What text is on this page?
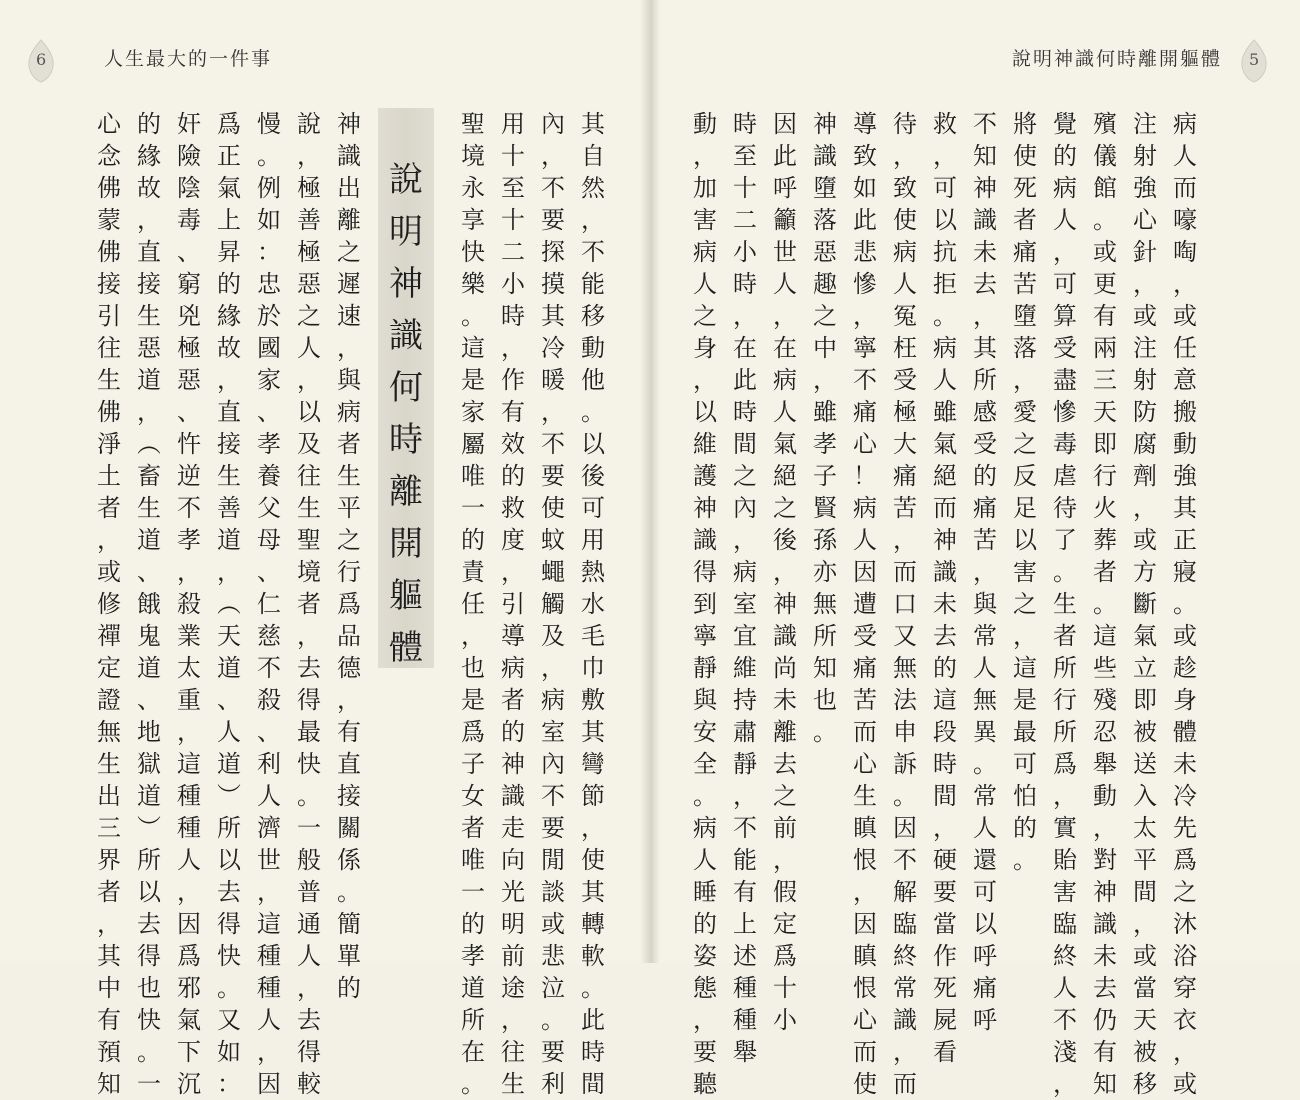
6	人生最大的一件事
其
自
然
，
不
能
移
動
他
。
以
後
可
用
熱
水
毛
巾
敷
其
彎
節
，
使
其
轉
軟
。
此
時
間
內
，
不
要
探
摸
其
冷
暖
，
不
要
使
蚊
蠅
觸
及
，
病
室
內
不
要
閒
談
或
悲
泣
。
要
利
用
十
至
十
二
小
時
，
作
有
效
的
救
度
，
引
導
病
者
的
神
識
走
向
光
明
前
途
，
往
生
聖
境
永
享
快
樂
。
這
是
家
屬
唯
一
的
責
任
，
也
是
爲
子
女
者
唯
一
的
孝
道
所
在
。
說
明
神
識
何
時
離
開
軀
體
神
識
出
離
之
遲
速
，
與
病
者
生
平
之
行
爲
品
德
，
有
直
接
關
係
。
簡
單
的
說
，
極
善
極
惡
之
人
，
以
及
往
生
聖
境
者
，
去
得
最
快
。
一
般
普
通
人
，
去
得
較
慢
。
例
如
：
忠
於
國
家
、
孝
養
父
母
、
仁
慈
不
殺
、
利
人
濟
世
，
這
種
種
人
，
因
爲
正
氣
上
昇
的
緣
故
，
直
接
生
善
道
，
︵
天
道
、
人
道
︶
所
以
去
得
快
。
又
如
：
奸
險
陰
毒
、
窮
兇
極
惡
、
忤
逆
不
孝
，
殺
業
太
重
，
這
種
種
人
，
因
爲
邪
氣
下
沉
的
緣
故
，
直
接
生
惡
道
，
︵
畜
生
道
、
餓
鬼
道
、
地
獄
道
︶
所
以
去
得
也
快
。
一
心
念
佛
蒙
佛
接
引
往
生
佛
淨
土
者
，
或
修
禪
定
證
無
生
出
三
界
者
，
其
中
有
預
知
說明神識何時離開軀體 5
病
人
而
嚎
啕
，
或
任
意
搬
動
強
其
正
寢
。
或
趁
身
體
未
冷
先
爲
之
沐
浴
穿
衣
，
或
注
射
強
心
針
，
或
注
射
防
腐
劑
，
或
方
斷
氣
立
即
被
送
入
太
平
間
，
或
當
天
被
移
殯
儀
館
。
或
更
有
兩
三
天
即
行
火
葬
者
。
這
些
殘
忍
舉
動
，
對
神
識
未
去
仍
有
知
覺
的
病
人
，
可
算
受
盡
慘
毒
虐
待
了
。
生
者
所
行
所
爲
，
實
貽
害
臨
終
人
不
淺
，
將
使
死
者
痛
苦
墮
落
，
愛
之
反
足
以
害
之
，
這
是
最
可
怕
的
。
不
知
神
識
未
去
，
其
所
感
受
的
痛
苦
，
與
常
人
無
異
。
常
人
還
可
以
呼
痛
呼
救
，
可
以
抗
拒
。
病
人
雖
氣
絕
而
神
識
未
去
的
這
段
時
間
，
硬
要
當
作
死
屍
看
待
，
致
使
病
人
冤
枉
受
極
大
痛
苦
，
而
口
又
無
法
申
訴
。
因
不
解
臨
終
常
識
，
而
導
致
如
此
悲
慘
，
寧
不
痛
心
！
病
人
因
遭
受
痛
苦
而
心
生
瞋
恨
，
因
瞋
恨
心
而
使
神
識
墮
落
惡
趣
之
中
，
雖
孝
子
賢
孫
亦
無
所
知
也
。
因
此
呼
籲
世
人
，
在
病
人
氣
絕
之
後
，
神
識
尚
未
離
去
之
前
，
假
定
爲
十
小
時
至
十
二
小
時
，
在
此
時
間
之
內
，
病
室
宜
維
持
肅
靜
，
不
能
有
上
述
種
種
舉
動
，
加
害
病
人
之
身
，
以
維
護
神
識
得
到
寧
靜
與
安
全
。
病
人
睡
的
姿
態
，
要
聽
